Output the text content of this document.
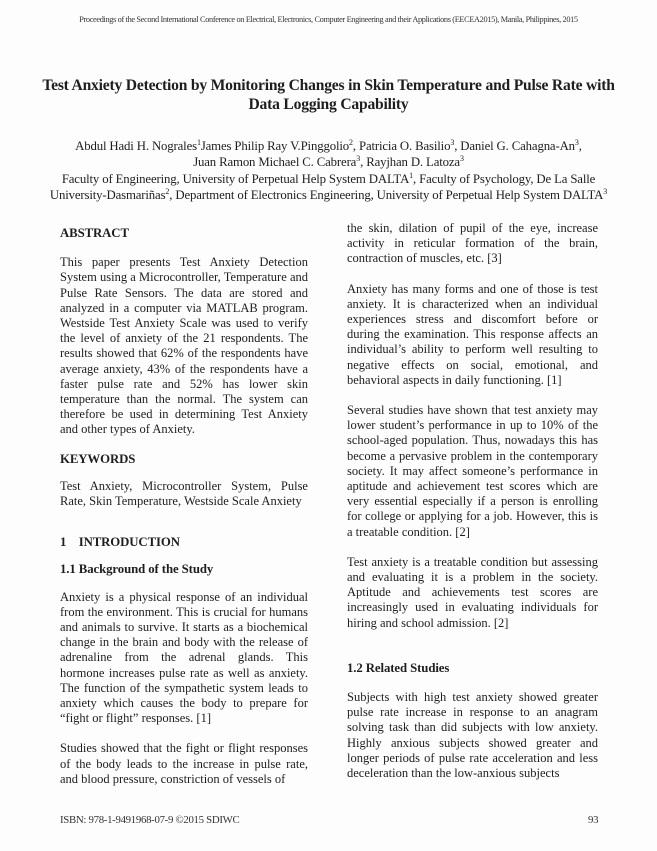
Proceedings of the Second International Conference on Electrical, Electronics, Computer Engineering and their Applications (EECEA2015), Manila, Philippines, 2015
Test Anxiety Detection by Monitoring Changes in Skin Temperature and Pulse Rate with Data Logging Capability
Abdul Hadi H. Nograles$^1$James Philip Ray V.Pinggolio$^2$, Patricia O. Basilio$^3$, Daniel G. Cahagna-An$^3$,
Juan Ramon Michael C. Cabrera$^3$, Rayjhan D. Latoza$^3$
Faculty of Engineering, University of Perpetual Help System DALTA$^1$, Faculty of Psychology, De La Salle University-Dasmariñas$^2$, Department of Electronics Engineering, University of Perpetual Help System DALTA$^3$
ABSTRACT

This paper presents Test Anxiety Detection System using a Microcontroller, Temperature and Pulse Rate Sensors. The data are stored and analyzed in a computer via MATLAB program. Westside Test Anxiety Scale was used to verify the level of anxiety of the 21 respondents. The results showed that 62% of the respondents have average anxiety, 43% of the respondents have a faster pulse rate and 52% has lower skin temperature than the normal. The system can therefore be used in determining Test Anxiety and other types of Anxiety.

KEYWORDS

Test Anxiety, Microcontroller System, Pulse Rate, Skin Temperature, Westside Scale Anxiety

1    INTRODUCTION
1.1 Background of the Study

Anxiety is a physical response of an individual from the environment. This is crucial for humans and animals to survive. It starts as a biochemical change in the brain and body with the release of adrenaline from the adrenal glands. This hormone increases pulse rate as well as anxiety. The function of the sympathetic system leads to anxiety which causes the body to prepare for “fight or flight” responses. [1]

Studies showed that the fight or flight responses of the body leads to the increase in pulse rate, and blood pressure, constriction of vessels of

the skin, dilation of pupil of the eye, increase activity in reticular formation of the brain, contraction of muscles, etc. [3]

Anxiety has many forms and one of those is test anxiety. It is characterized when an individual experiences stress and discomfort before or during the examination. This response affects an individual’s ability to perform well resulting to negative effects on social, emotional, and behavioral aspects in daily functioning. [1]

Several studies have shown that test anxiety may lower student’s performance in up to 10% of the school-aged population. Thus, nowadays this has become a pervasive problem in the contemporary society. It may affect someone’s performance in aptitude and achievement test scores which are very essential especially if a person is enrolling for college or applying for a job. However, this is a treatable condition. [2]

Test anxiety is a treatable condition but assessing and evaluating it is a problem in the society. Aptitude and achievements test scores are increasingly used in evaluating individuals for hiring and school admission. [2]

1.2 Related Studies

Subjects with high test anxiety showed greater pulse rate increase in response to an anagram solving task than did subjects with low anxiety. Highly anxious subjects showed greater and longer periods of pulse rate acceleration and less deceleration than the low-anxious subjects

ISBN: 978-1-9491968-07-9 ©2015 SDIWC	93
